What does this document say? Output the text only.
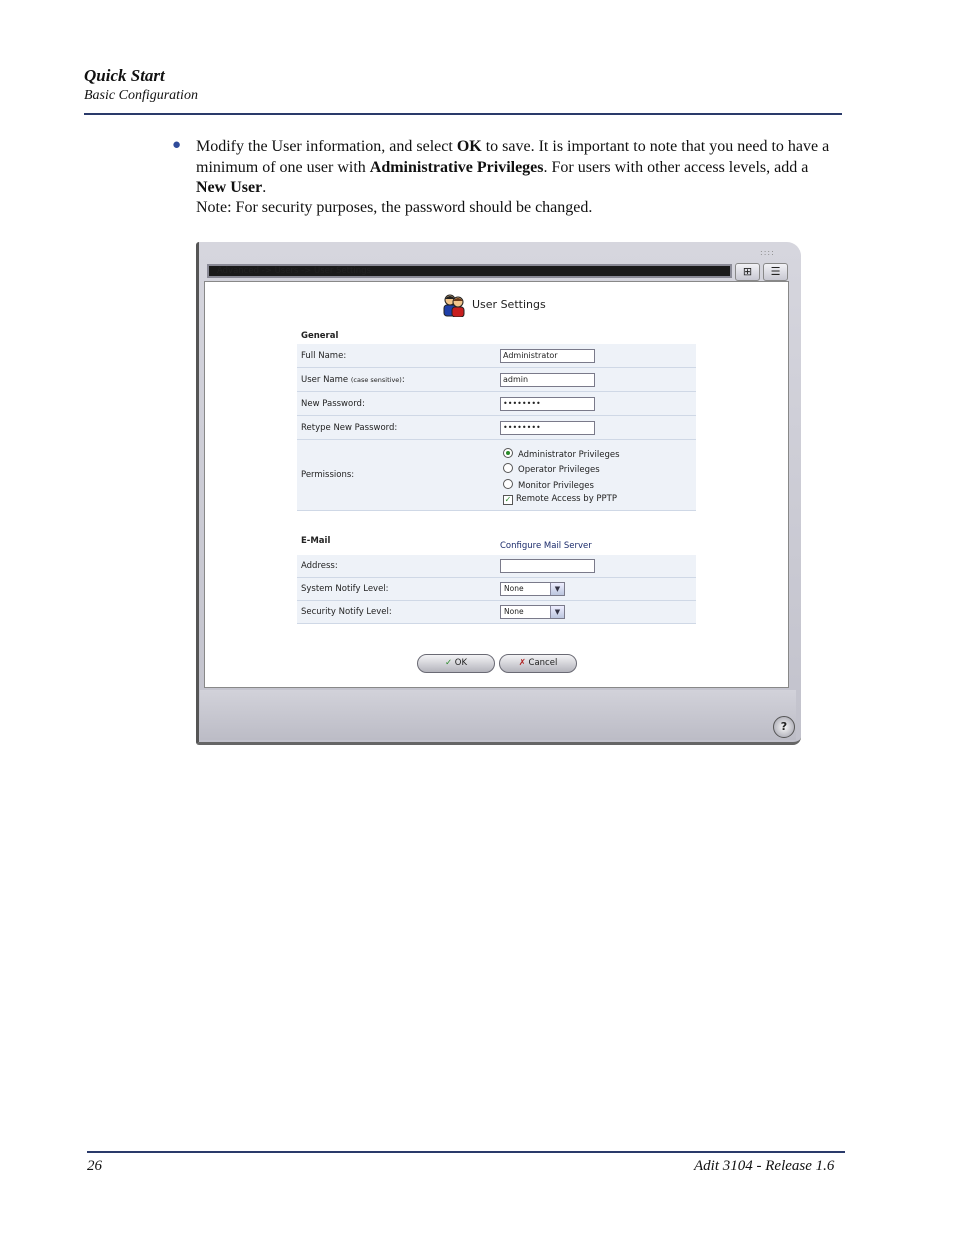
Quick Start
Basic Configuration
● Modify the User information, and select OK to save. It is important to note that you need to have a minimum of one user with Administrative Privileges. For users with other access levels, add a New User.
Note: For security purposes, the password should be changed.
::::
Advanced -> Users -> User Settings	⊞	☰
User Settings
General
Full Name:	Administrator
User Name (case sensitive):	admin
New Password:	••••••••
Retype New Password:	••••••••
Permissions:
Administrator Privileges
Operator Privileges
Monitor Privileges
✓ Remote Access by PPTP
E-Mail	Configure Mail Server
Address:
System Notify Level:	None	▼
Security Notify Level:	None	▼
✓ OK	✗ Cancel
?
26	Adit 3104 - Release 1.6
